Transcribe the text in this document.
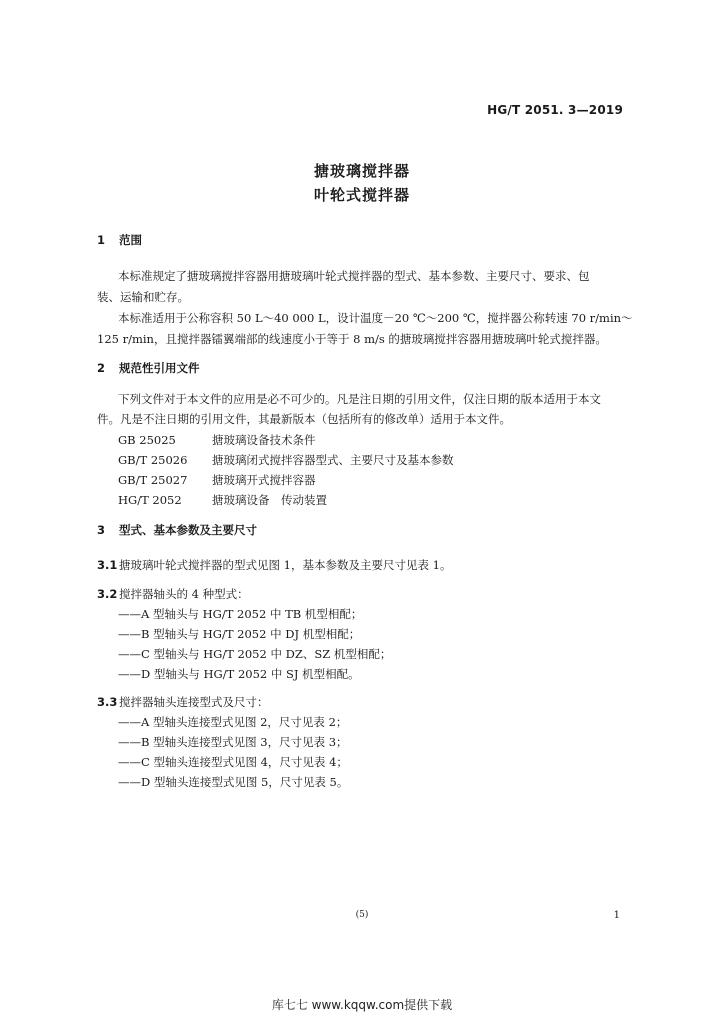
HG/T 2051. 3—2019
搪玻璃搅拌器
叶轮式搅拌器
1 范围
本标准规定了搪玻璃搅拌容器用搪玻璃叶轮式搅拌器的型式、基本参数、主要尺寸、要求、包
装、运输和贮存。
本标准适用于公称容积 50 L～40 000 L，设计温度－20 ℃～200 ℃，搅拌器公称转速 70 r/min～
125 r/min，且搅拌器镭翼端部的线速度小于等于 8 m/s 的搪玻璃搅拌容器用搪玻璃叶轮式搅拌器。
2 规范性引用文件
下列文件对于本文件的应用是必不可少的。凡是注日期的引用文件，仅注日期的版本适用于本文
件。凡是不注日期的引用文件，其最新版本（包括所有的修改单）适用于本文件。
GB 25025	搪玻璃设备技术条件
GB/T 25026 搪玻璃闭式搅拌容器型式、主要尺寸及基本参数
GB/T 25027 搪玻璃开式搅拌容器
HG/T 2052	搪玻璃设备　传动装置
3 型式、基本参数及主要尺寸
3.1 搪玻璃叶轮式搅拌器的型式见图 1，基本参数及主要尺寸见表 1。
3.2 搅拌器轴头的 4 种型式：
——A 型轴头与 HG/T 2052 中 TB 机型相配；
——B 型轴头与 HG/T 2052 中 DJ 机型相配；
——C 型轴头与 HG/T 2052 中 DZ、SZ 机型相配；
——D 型轴头与 HG/T 2052 中 SJ 机型相配。
3.3 搅拌器轴头连接型式及尺寸：
——A 型轴头连接型式见图 2，尺寸见表 2；
——B 型轴头连接型式见图 3，尺寸见表 3；
——C 型轴头连接型式见图 4，尺寸见表 4；
——D 型轴头连接型式见图 5，尺寸见表 5。
(5)	1
库七七 www.kqqw.com提供下载
